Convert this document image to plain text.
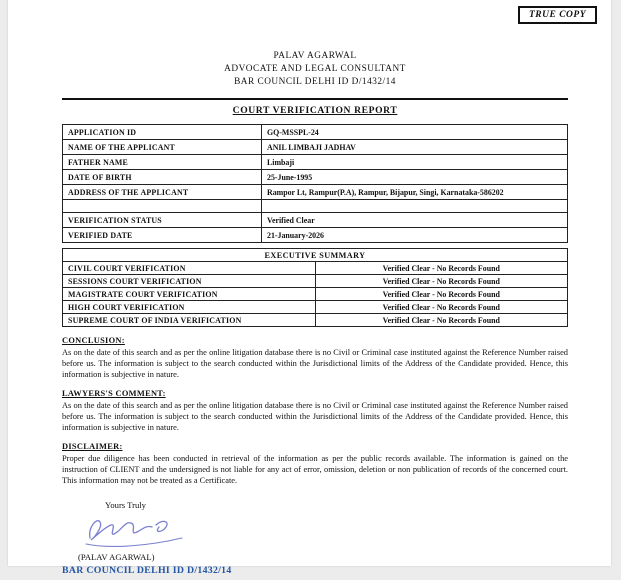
TRUE COPY
PALAV AGARWAL
ADVOCATE AND LEGAL CONSULTANT
BAR COUNCIL DELHI ID D/1432/14
COURT VERIFICATION REPORT
APPLICATION ID	GQ-MSSPL-24
NAME OF THE APPLICANT	ANIL LIMBAJI JADHAV
FATHER NAME	Limbaji
DATE OF BIRTH	25-June-1995
ADDRESS OF THE APPLICANT	Rampor Lt, Rampur(P.A), Rampur, Bijapur, Singi, Karnataka-586202

VERIFICATION STATUS	Verified Clear
VERIFIED DATE	21-January-2026
EXECUTIVE SUMMARY	
CIVIL COURT VERIFICATION	Verified Clear - No Records Found
SESSIONS COURT VERIFICATION	Verified Clear - No Records Found
MAGISTRATE COURT VERIFICATION	Verified Clear - No Records Found
HIGH COURT VERIFICATION	Verified Clear - No Records Found
SUPREME COURT OF INDIA VERIFICATION	Verified Clear - No Records Found
CONCLUSION:
As on the date of this search and as per the online litigation database there is no Civil or Criminal case instituted against the Reference Number raised before us. The information is subject to the search conducted within the Jurisdictional limits of the Address of the Candidate provided. Hence, this information is subjective in nature.
LAWYERS'S COMMENT:
As on the date of this search and as per the online litigation database there is no Civil or Criminal case instituted against the Reference Number raised before us. The information is subject to the search conducted within the Jurisdictional limits of the Address of the Candidate provided. Hence, this information is subjective in nature.
DISCLAIMER:
Proper due diligence has been conducted in retrieval of the information as per the public records available. The information is gained on the instruction of CLIENT and the undersigned is not liable for any act of error, omission, deletion or non publication of records of the concerned court. This information may not be treated as a Certificate.
Yours Truly
(PALAV AGARWAL)
BAR COUNCIL DELHI ID D/1432/14
